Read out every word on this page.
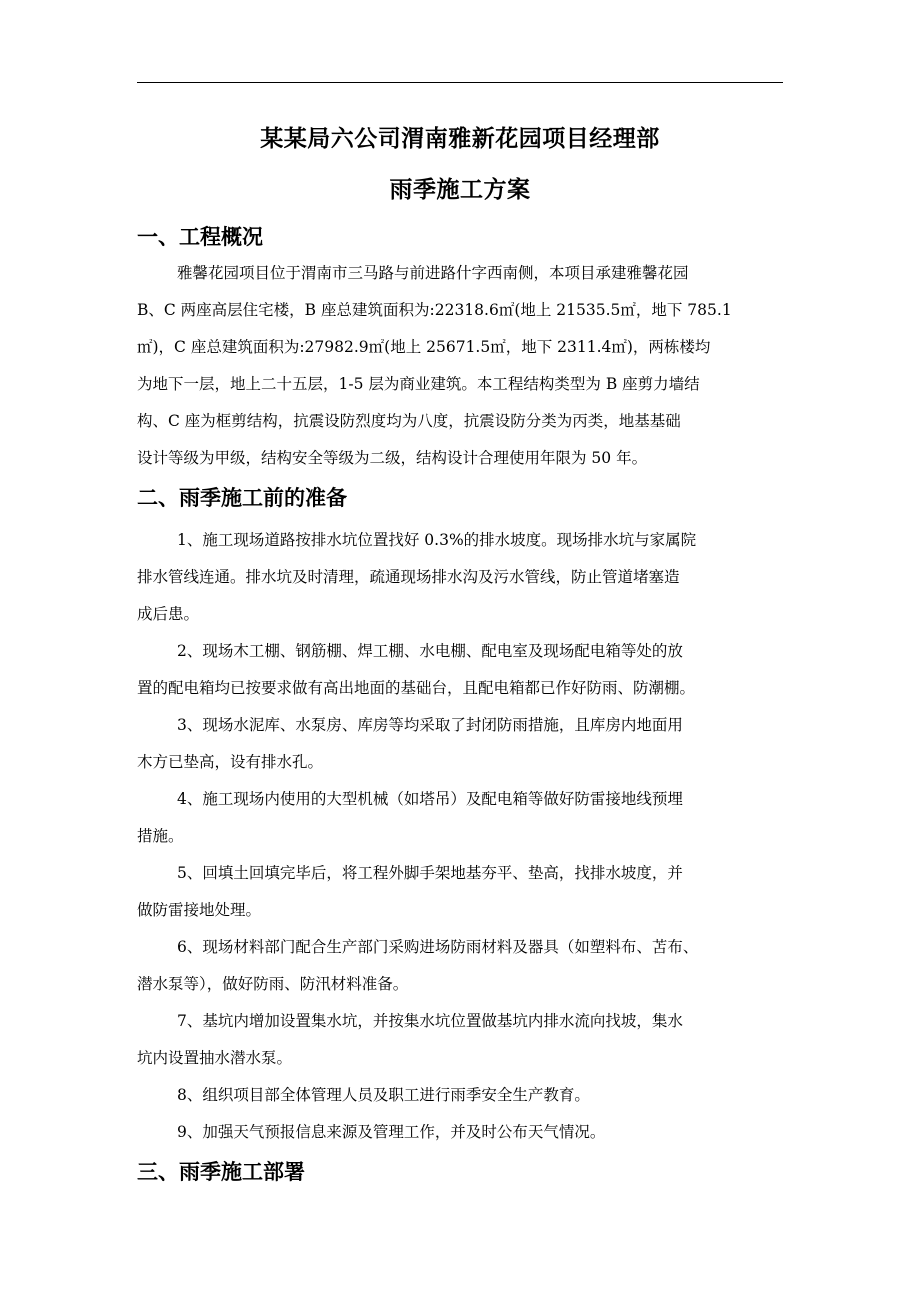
某某局六公司渭南雅新花园项目经理部
雨季施工方案
一、工程概况
雅馨花园项目位于渭南市三马路与前进路什字西南侧，本项目承建雅馨花园
B、C 两座高层住宅楼，B 座总建筑面积为:22318.6㎡(地上 21535.5㎡，地下 785.1
㎡)，C 座总建筑面积为:27982.9㎡(地上 25671.5㎡，地下 2311.4㎡)，两栋楼均
为地下一层，地上二十五层，1-5 层为商业建筑。本工程结构类型为 B 座剪力墙结
构、C 座为框剪结构，抗震设防烈度均为八度，抗震设防分类为丙类，地基基础
设计等级为甲级，结构安全等级为二级，结构设计合理使用年限为 50 年。
二、雨季施工前的准备
1、施工现场道路按排水坑位置找好 0.3%的排水坡度。现场排水坑与家属院
排水管线连通。排水坑及时清理，疏通现场排水沟及污水管线，防止管道堵塞造
成后患。
2、现场木工棚、钢筋棚、焊工棚、水电棚、配电室及现场配电箱等处的放
置的配电箱均已按要求做有高出地面的基础台，且配电箱都已作好防雨、防潮棚。
3、现场水泥库、水泵房、库房等均采取了封闭防雨措施，且库房内地面用
木方已垫高，设有排水孔。
4、施工现场内使用的大型机械（如塔吊）及配电箱等做好防雷接地线预埋
措施。
5、回填土回填完毕后，将工程外脚手架地基夯平、垫高，找排水坡度，并
做防雷接地处理。
6、现场材料部门配合生产部门采购进场防雨材料及器具（如塑料布、苫布、
潜水泵等），做好防雨、防汛材料准备。
7、基坑内增加设置集水坑，并按集水坑位置做基坑内排水流向找坡，集水
坑内设置抽水潜水泵。
8、组织项目部全体管理人员及职工进行雨季安全生产教育。
9、加强天气预报信息来源及管理工作，并及时公布天气情况。
三、雨季施工部署
